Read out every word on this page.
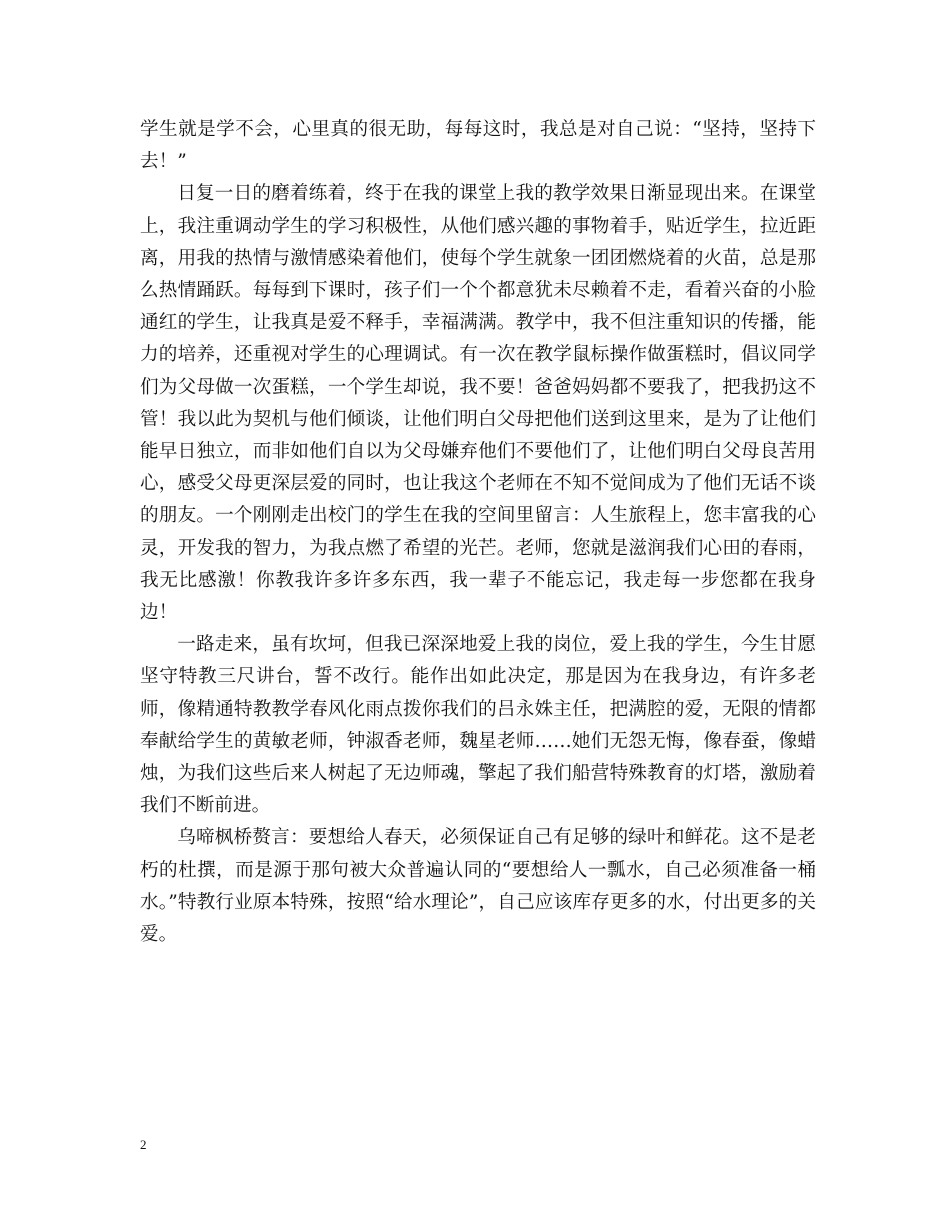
学生就是学不会，心里真的很无助，每每这时，我总是对自己说：“坚持，坚持下去！”

日复一日的磨着练着，终于在我的课堂上我的教学效果日渐显现出来。在课堂上，我注重调动学生的学习积极性，从他们感兴趣的事物着手，贴近学生，拉近距离，用我的热情与激情感染着他们，使每个学生就象一团团燃烧着的火苗，总是那么热情踊跃。每每到下课时，孩子们一个个都意犹未尽赖着不走，看着兴奋的小脸通红的学生，让我真是爱不释手，幸福满满。教学中，我不但注重知识的传播，能力的培养，还重视对学生的心理调试。有一次在教学鼠标操作做蛋糕时，倡议同学们为父母做一次蛋糕，一个学生却说，我不要！爸爸妈妈都不要我了，把我扔这不管！我以此为契机与他们倾谈，让他们明白父母把他们送到这里来，是为了让他们能早日独立，而非如他们自以为父母嫌弃他们不要他们了，让他们明白父母良苦用心，感受父母更深层爱的同时，也让我这个老师在不知不觉间成为了他们无话不谈的朋友。一个刚刚走出校门的学生在我的空间里留言：人生旅程上，您丰富我的心灵，开发我的智力，为我点燃了希望的光芒。老师，您就是滋润我们心田的春雨，我无比感激！你教我许多许多东西，我一辈子不能忘记，我走每一步您都在我身边！

一路走来，虽有坎坷，但我已深深地爱上我的岗位，爱上我的学生，今生甘愿坚守特教三尺讲台，誓不改行。能作出如此决定，那是因为在我身边，有许多老师，像精通特教教学春风化雨点拨你我们的吕永姝主任，把满腔的爱，无限的情都奉献给学生的黄敏老师，钟淑香老师，魏星老师……她们无怨无悔，像春蚕，像蜡烛，为我们这些后来人树起了无边师魂，擎起了我们船营特殊教育的灯塔，激励着我们不断前进。

乌啼枫桥赘言：要想给人春天，必须保证自己有足够的绿叶和鲜花。这不是老朽的杜撰，而是源于那句被大众普遍认同的“要想给人一瓢水，自己必须准备一桶水。”特教行业原本特殊，按照“给水理论”，自己应该库存更多的水，付出更多的关爱。

2
